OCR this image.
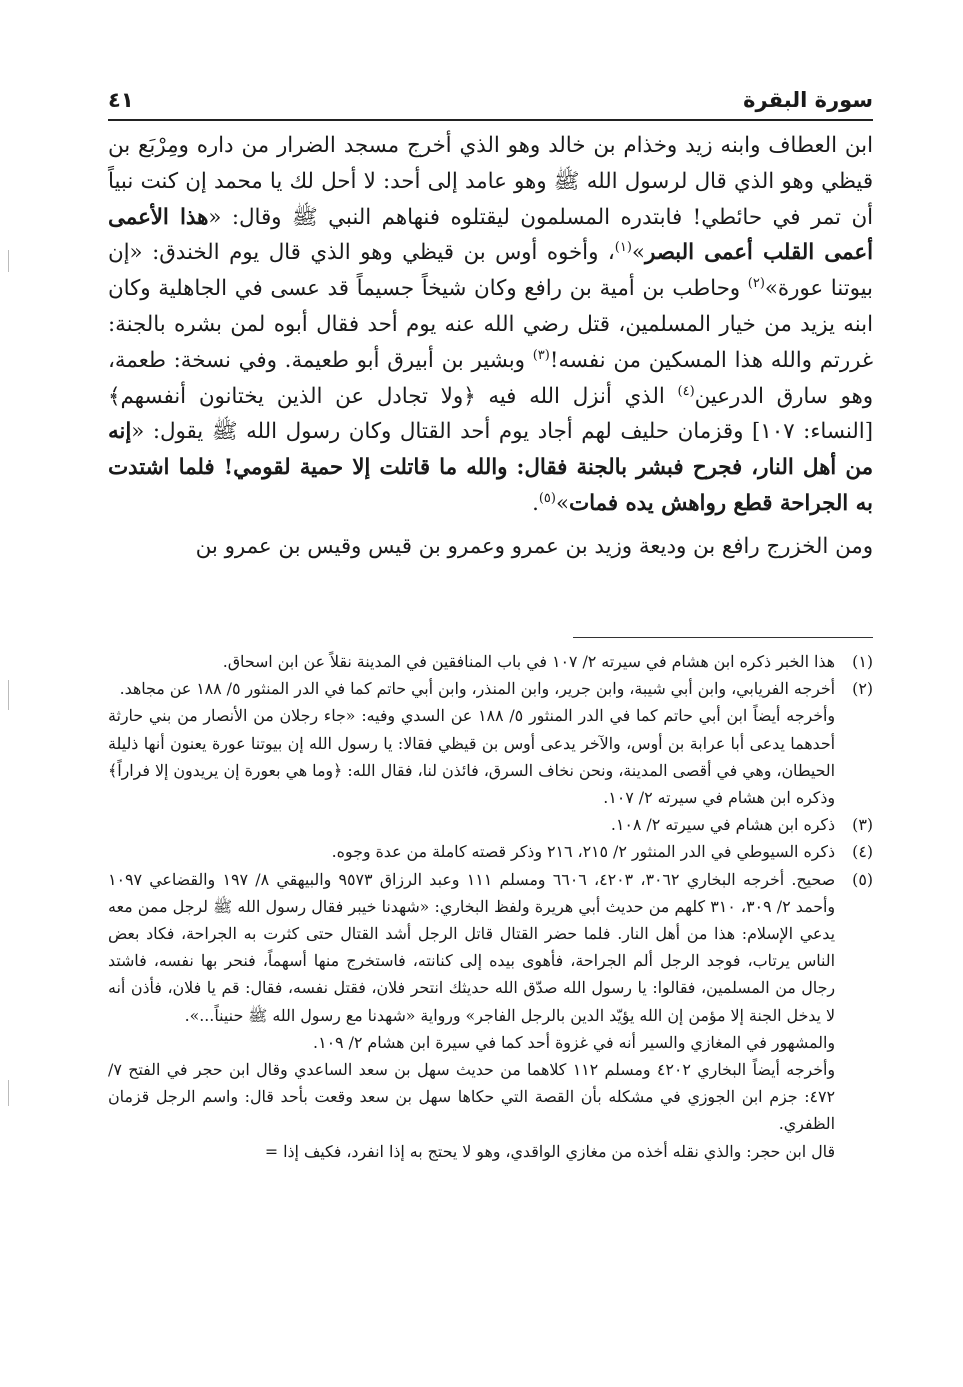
سورة البقرة
٤١

ابن العطاف وابنه زيد وخذام بن خالد وهو الذي أخرج مسجد الضرار من داره ومِرْبَع بن قيظي وهو الذي قال لرسول الله ﷺ وهو عامد إلى أحد: لا أحل لك يا محمد إن كنت نبياً أن تمر في حائطي! فابتدره المسلمون ليقتلوه فنهاهم النبي ﷺ وقال: «هذا الأعمى أعمى القلب أعمى البصر»$^{(١)}$، وأخوه أوس بن قيظي وهو الذي قال يوم الخندق: «إن بيوتنا عورة»$^{(٢)}$ وحاطب بن أمية بن رافع وكان شيخاً جسيماً قد عسى في الجاهلية وكان ابنه يزيد من خيار المسلمين، قتل رضي الله عنه يوم أحد فقال أبوه لمن بشره بالجنة: غررتم والله هذا المسكين من نفسه!$^{(٣)}$ وبشير بن أبيرق أبو طعيمة. وفي نسخة: طعمة، وهو سارق الدرعين$^{(٤)}$ الذي أنزل الله فيه ﴿ولا تجادل عن الذين يختانون أنفسهم﴾ [النساء: ١٠٧] وقزمان حليف لهم أجاد يوم أحد القتال وكان رسول الله ﷺ يقول: «إنه من أهل النار، فجرح فبشر بالجنة فقال: والله ما قاتلت إلا حمية لقومي! فلما اشتدت به الجراحة قطع رواهش يده فمات»$^{(٥)}$.

ومن الخزرج رافع بن وديعة وزيد بن عمرو وعمرو بن قيس وقيس بن عمرو بن

(١)

هذا الخبر ذكره ابن هشام في سيرته ٢/ ١٠٧ في باب المنافقين في المدينة نقلاً عن ابن اسحاق.

(٢)

أخرجه الفريابي، وابن أبي شيبة، وابن جرير، وابن المنذر، وابن أبي حاتم كما في الدر المنثور ٥/ ١٨٨ عن مجاهد.

وأخرجه أيضاً ابن أبي حاتم كما في الدر المنثور ٥/ ١٨٨ عن السدي وفيه: «جاء رجلان من الأنصار من بني حارثة أحدهما يدعى أبا عرابة بن أوس، والآخر يدعى أوس بن قيظي فقالا: يا رسول الله إن بيوتنا عورة يعنون أنها ذليلة الحيطان، وهي في أقصى المدينة، ونحن نخاف السرق، فائذن لنا، فقال الله: ﴿وما هي بعورة إن يريدون إلا فراراً﴾ وذكره ابن هشام في سيرته ٢/ ١٠٧.

(٣)

ذكره ابن هشام في سيرته ٢/ ١٠٨.

(٤)

ذكره السيوطي في الدر المنثور ٢/ ٢١٥، ٢١٦ وذكر قصته كاملة من عدة وجوه.

(٥)

صحيح. أخرجه البخاري ٣٠٦٢، ٤٢٠٣، ٦٦٠٦ ومسلم ١١١ وعبد الرزاق ٩٥٧٣ والبيهقي ٨/ ١٩٧ والقضاعي ١٠٩٧ وأحمد ٢/ ٣٠٩، ٣١٠ كلهم من حديث أبي هريرة ولفظ البخاري: «شهدنا خيبر فقال رسول الله ﷺ لرجل ممن معه يدعي الإسلام: هذا من أهل النار. فلما حضر القتال قاتل الرجل أشد القتال حتى كثرت به الجراحة، فكاد بعض الناس يرتاب، فوجد الرجل ألم الجراحة، فأهوى بيده إلى كنانته، فاستخرج منها أسهماً، فنحر بها نفسه، فاشتد رجال من المسلمين، فقالوا: يا رسول الله صدّق الله حديثك انتحر فلان، فقتل نفسه، فقال: قم يا فلان، فأذن أنه لا يدخل الجنة إلا مؤمن إن الله يؤيّد الدين بالرجل الفاجر» ورواية «شهدنا مع رسول الله ﷺ حنيناً...».

والمشهور في المغازي والسير أنه في غزوة أحد كما في سيرة ابن هشام ٢/ ١٠٩.

وأخرجه أيضاً البخاري ٤٢٠٢ ومسلم ١١٢ كلاهما من حديث سهل بن سعد الساعدي وقال ابن حجر في الفتح ٧/ ٤٧٢: جزم ابن الجوزي في مشكله بأن القصة التي حكاها سهل بن سعد وقعت بأحد قال: واسم الرجل قزمان الظفري.

قال ابن حجر: والذي نقله أخذه من مغازي الواقدي، وهو لا يحتج به إذا انفرد، فكيف إذا =
